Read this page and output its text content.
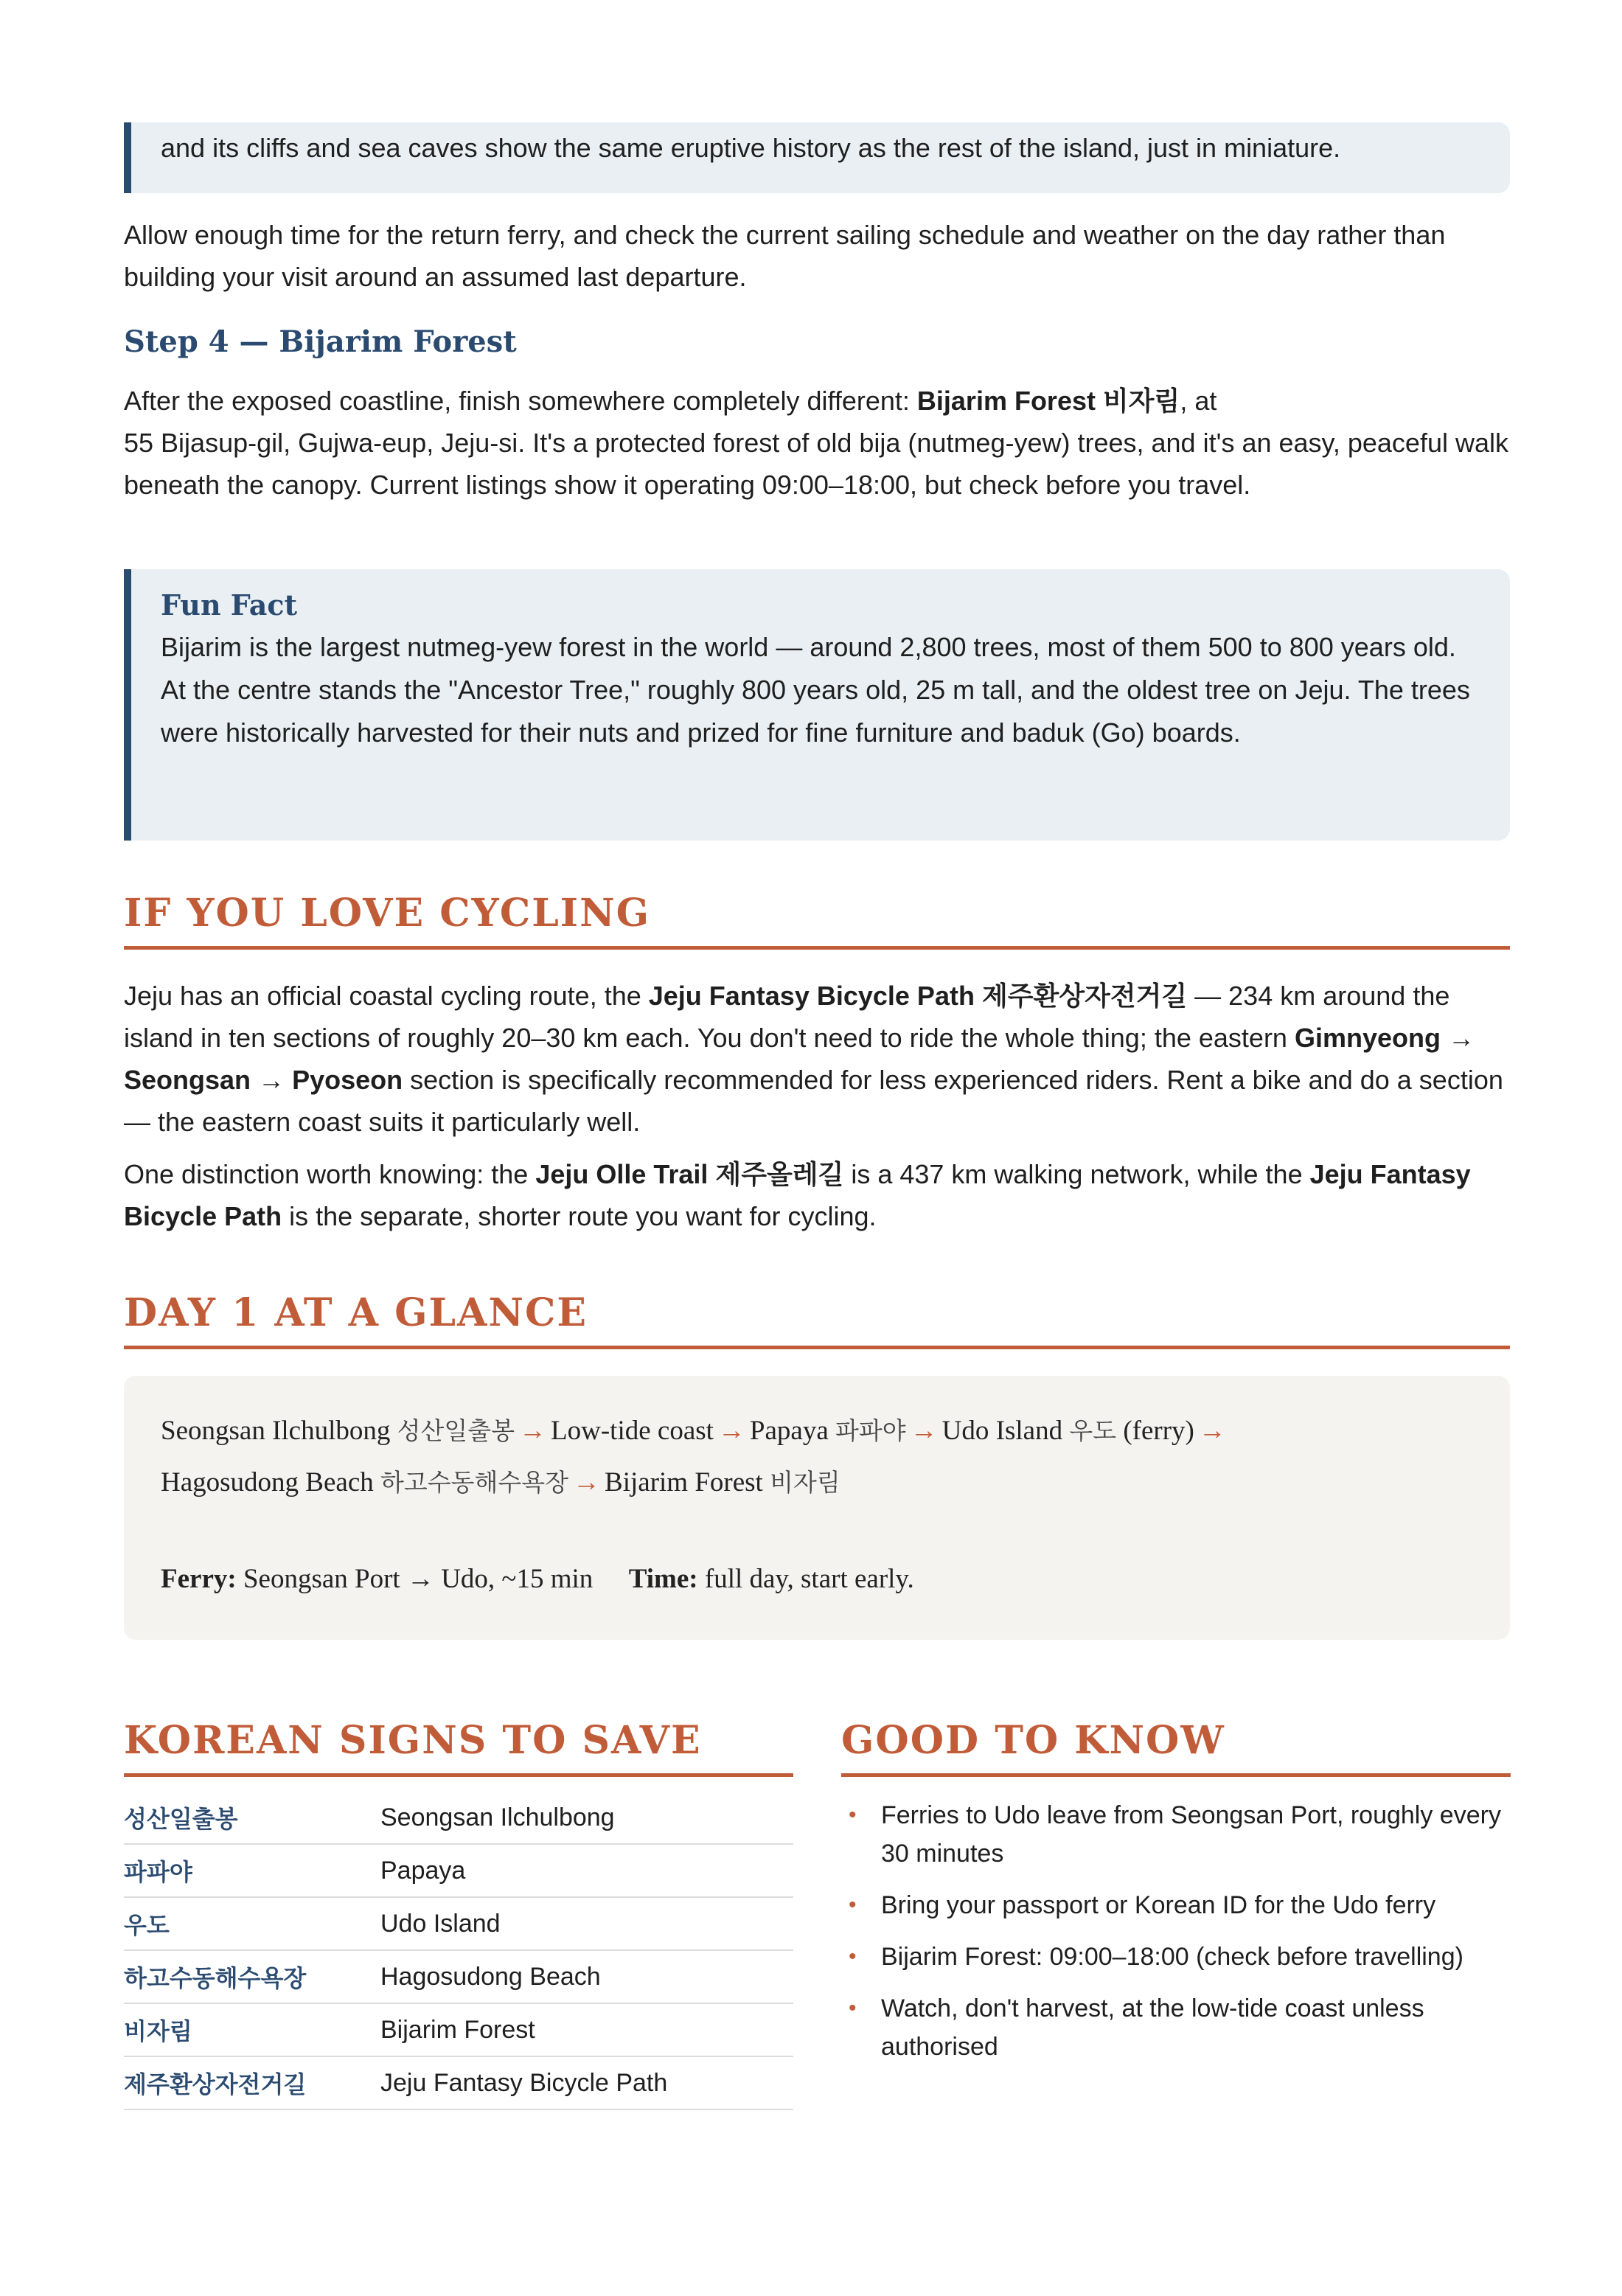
and its cliffs and sea caves show the same eruptive history as the rest of the island, just in miniature.

Allow enough time for the return ferry, and check the current sailing schedule and weather on the day rather than building your visit around an assumed last departure.

Step 4 — Bijarim Forest

After the exposed coastline, finish somewhere completely different: Bijarim Forest 비자림, at
55 Bijasup-gil, Gujwa-eup, Jeju-si. It's a protected forest of old bija (nutmeg-yew) trees, and it's an easy, peaceful walk beneath the canopy. Current listings show it operating 09:00–18:00, but check before you travel.

Fun Fact

Bijarim is the largest nutmeg-yew forest in the world — around 2,800 trees, most of them 500 to 800 years old. At the centre stands the "Ancestor Tree," roughly 800 years old, 25 m tall, and the oldest tree on Jeju. The trees were historically harvested for their nuts and prized for fine furniture and baduk (Go) boards.

IF YOU LOVE CYCLING

Jeju has an official coastal cycling route, the Jeju Fantasy Bicycle Path 제주환상자전거길 — 234 km around the island in ten sections of roughly 20–30 km each. You don't need to ride the whole thing; the eastern Gimnyeong → Seongsan → Pyoseon section is specifically recommended for less experienced riders. Rent a bike and do a section — the eastern coast suits it particularly well.

One distinction worth knowing: the Jeju Olle Trail 제주올레길 is a 437 km walking network, while the Jeju Fantasy Bicycle Path is the separate, shorter route you want for cycling.

DAY 1 AT A GLANCE
Seongsan Ilchulbong 성산일출봉 → Low-tide coast → Papaya 파파야 → Udo Island 우도 (ferry) →
Hagosudong Beach 하고수동해수욕장 → Bijarim Forest 비자림
Ferry: Seongsan Port → Udo, ~15 min Time: full day, start early.
KOREAN SIGNS TO SAVE
성산일출봉	Seongsan Ilchulbong
파파야	Papaya
우도	Udo Island
하고수동해수욕장	Hagosudong Beach
비자림	Bijarim Forest
제주환상자전거길	Jeju Fantasy Bicycle Path
GOOD TO KNOW
• Ferries to Udo leave from Seongsan Port, roughly every 30 minutes
• Bring your passport or Korean ID for the Udo ferry
• Bijarim Forest: 09:00–18:00 (check before travelling)
• Watch, don't harvest, at the low-tide coast unless authorised
